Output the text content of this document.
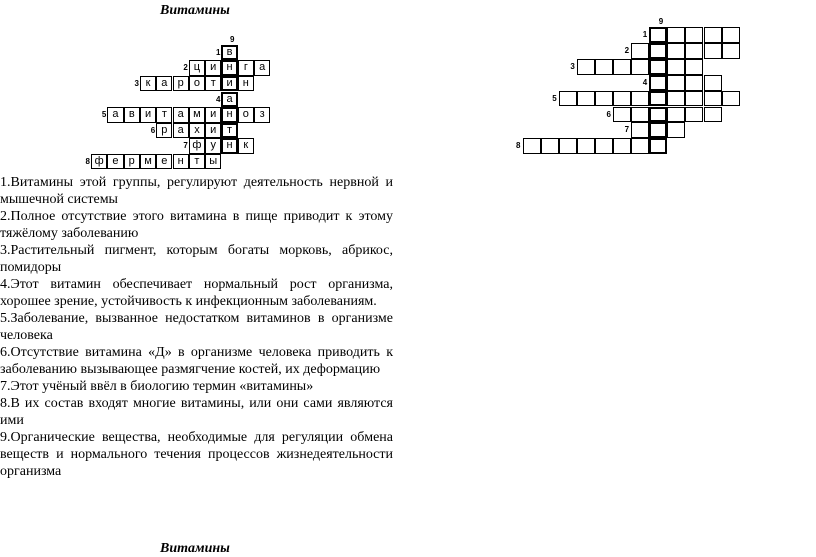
Витамины
9
1 в
2 ц и н	г	а
3 к а р о т и н
4 а
5 а в и т а м и н о з
6 р а х и т
7 ф у н к
8 ф е р м е н т ы
9
1
2
3
4
5
6
7
8

1.Витамины этой группы, регулируют деятельность нервной и мышечной системы

2.Полное отсутствие этого витамина в пище приводит к этому тяжёлому заболеванию

3.Растительный пигмент, которым богаты морковь, абрикос, помидоры

4.Этот витамин обеспечивает нормальный рост организма, хорошее зрение, устойчивость к инфекционным заболеваниям.

5.Заболевание, вызванное недостатком витаминов в организме человека

6.Отсутствие витамина «Д» в организме человека приводить к заболеванию вызывающее размягчение костей, их деформацию

7.Этот учёный ввёл в биологию термин «витамины»

8.В их состав входят многие витамины, или они сами являются ими

9.Органические вещества, необходимые для регуляции обмена веществ и нормального течения процессов жизнедеятельности организма

Витамины
